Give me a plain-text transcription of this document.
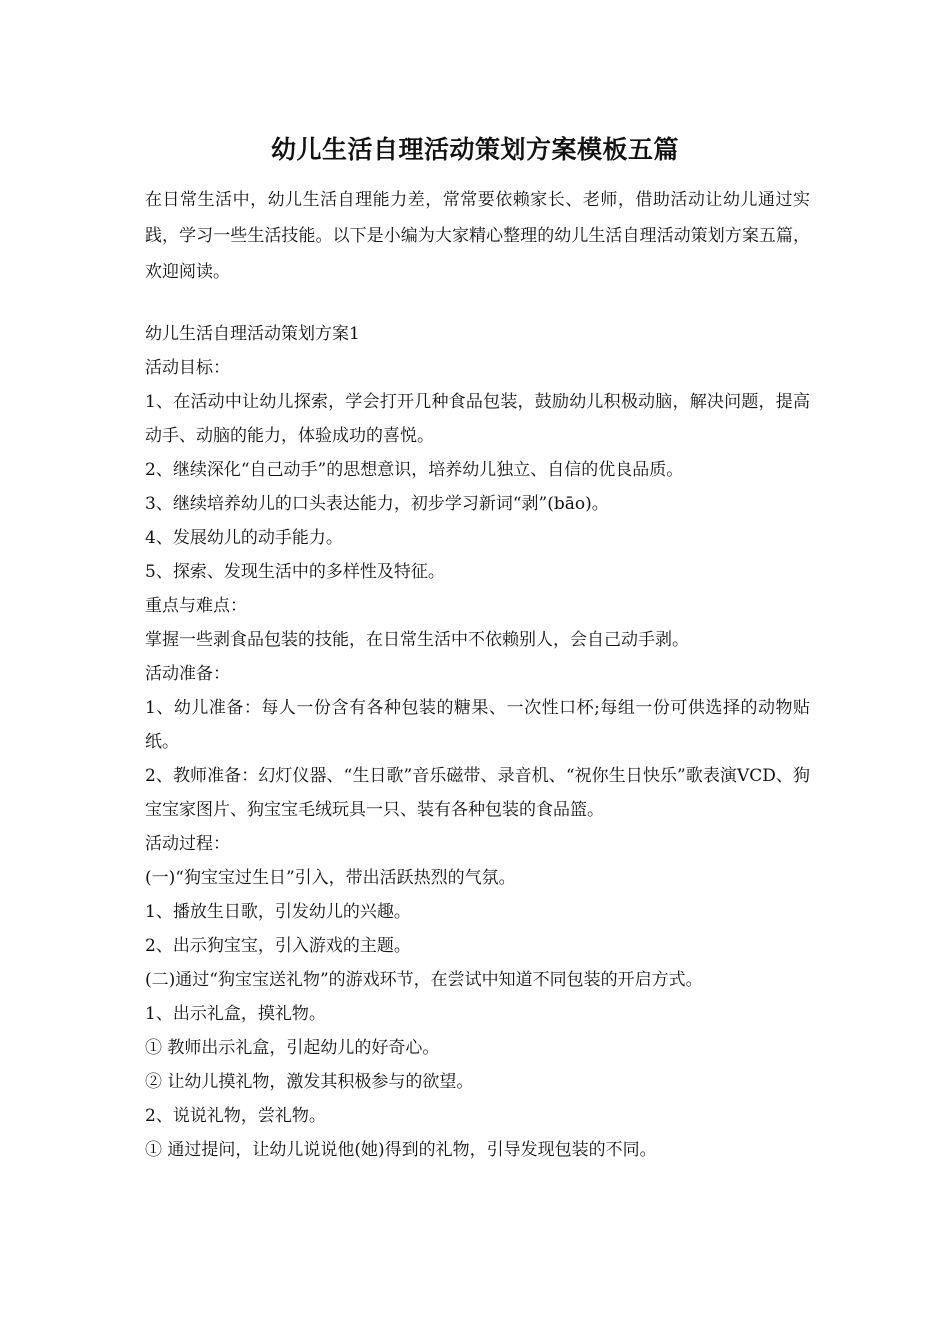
幼儿生活自理活动策划方案模板五篇

在日常生活中，幼儿生活自理能力差，常常要依赖家长、老师，借助活动让幼儿通过实践，学习一些生活技能。以下是小编为大家精心整理的幼儿生活自理活动策划方案五篇，欢迎阅读。

幼儿生活自理活动策划方案1

活动目标：

1、在活动中让幼儿探索，学会打开几种食品包装，鼓励幼儿积极动脑，解决问题，提高动手、动脑的能力，体验成功的喜悦。

2、继续深化“自己动手”的思想意识，培养幼儿独立、自信的优良品质。

3、继续培养幼儿的口头表达能力，初步学习新词“剥”(bāo)。

4、发展幼儿的动手能力。

5、探索、发现生活中的多样性及特征。

重点与难点：

掌握一些剥食品包装的技能，在日常生活中不依赖别人，会自己动手剥。

活动准备：

1、幼儿准备：每人一份含有各种包装的糖果、一次性口杯;每组一份可供选择的动物贴纸。

2、教师准备：幻灯仪器、“生日歌”音乐磁带、录音机、“祝你生日快乐”歌表演VCD、狗宝宝家图片、狗宝宝毛绒玩具一只、装有各种包装的食品篮。

活动过程：

(一)“狗宝宝过生日”引入，带出活跃热烈的气氛。

1、播放生日歌，引发幼儿的兴趣。

2、出示狗宝宝，引入游戏的主题。

(二)通过“狗宝宝送礼物”的游戏环节，在尝试中知道不同包装的开启方式。

1、出示礼盒，摸礼物。

① 教师出示礼盒，引起幼儿的好奇心。

② 让幼儿摸礼物，激发其积极参与的欲望。

2、说说礼物，尝礼物。

① 通过提问，让幼儿说说他(她)得到的礼物，引导发现包装的不同。
